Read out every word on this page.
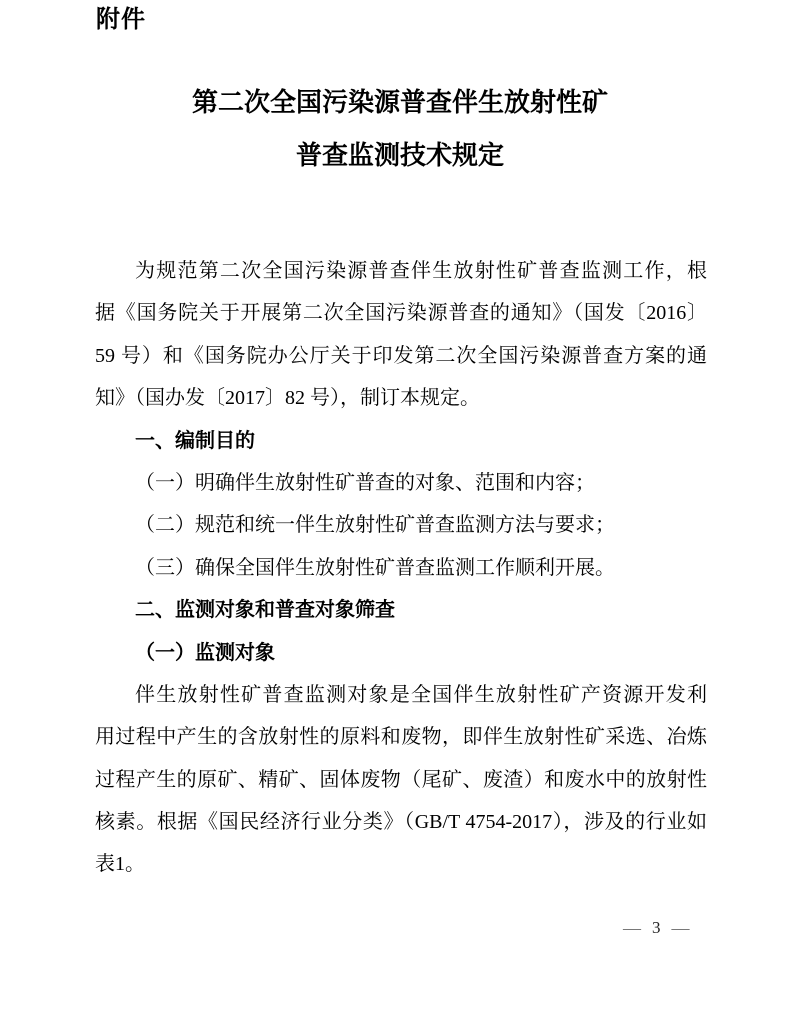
附件
第二次全国污染源普查伴生放射性矿
普查监测技术规定
为规范第二次全国污染源普查伴生放射性矿普查监测工作，根
据《国务院关于开展第二次全国污染源普查的通知》（国发〔2016〕
59 号）和《国务院办公厅关于印发第二次全国污染源普查方案的通
知》（国办发〔2017〕82 号），制订本规定。
一、编制目的
（一）明确伴生放射性矿普查的对象、范围和内容；
（二）规范和统一伴生放射性矿普查监测方法与要求；
（三）确保全国伴生放射性矿普查监测工作顺利开展。
二、监测对象和普查对象筛查
（一）监测对象
伴生放射性矿普查监测对象是全国伴生放射性矿产资源开发利
用过程中产生的含放射性的原料和废物，即伴生放射性矿采选、冶炼
过程产生的原矿、精矿、固体废物（尾矿、废渣）和废水中的放射性
核素。根据《国民经济行业分类》（GB/T 4754-2017），涉及的行业如
表1。
— 3 —
